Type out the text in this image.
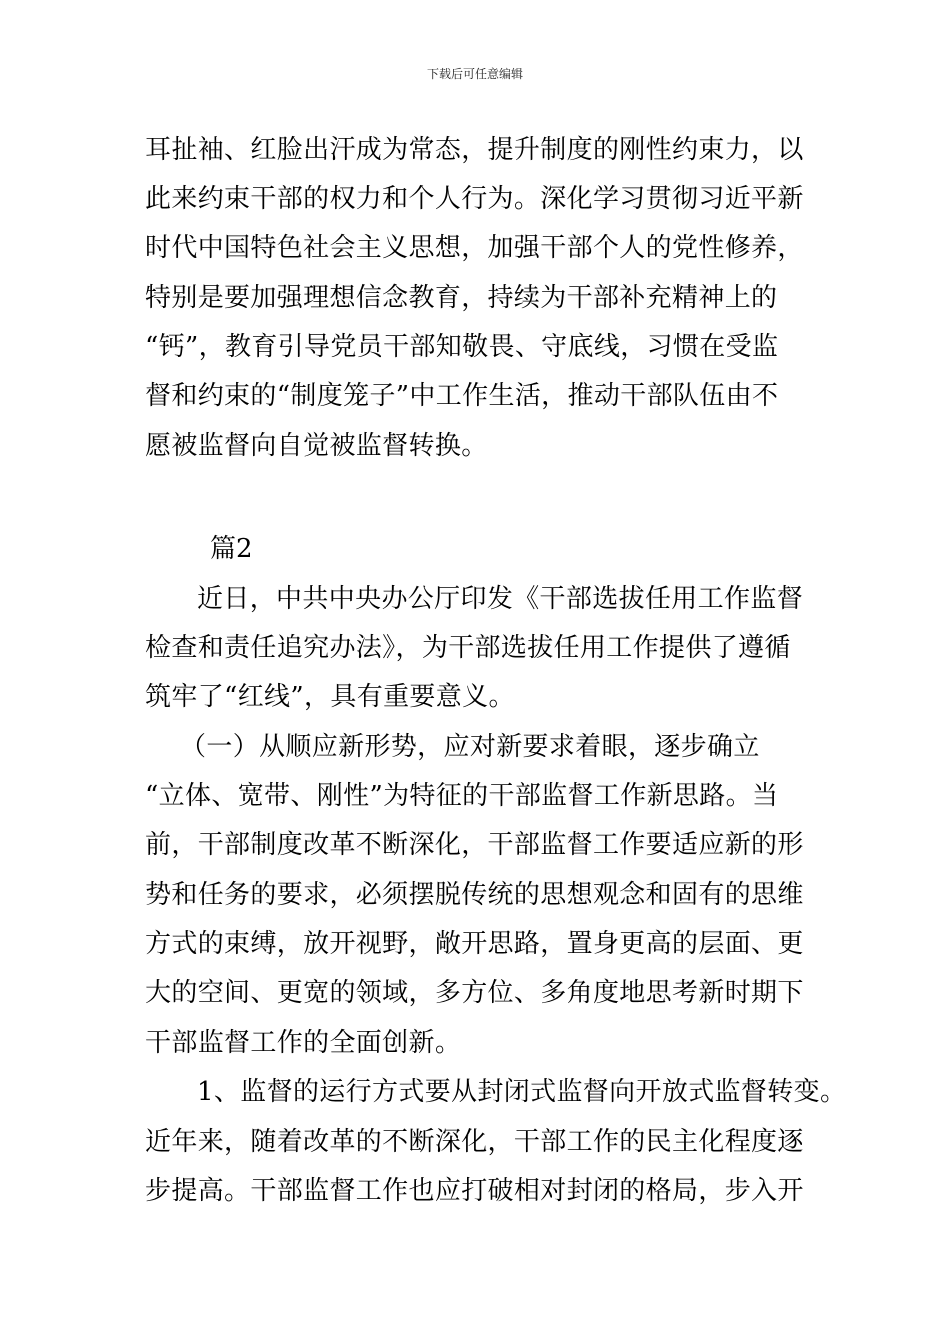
下载后可任意编辑
耳扯袖、红脸出汗成为常态，提升制度的刚性约束力，以
此来约束干部的权力和个人行为。深化学习贯彻习近平新
时代中国特色社会主义思想，加强干部个人的党性修养，
特别是要加强理想信念教育，持续为干部补充精神上的
“钙”，教育引导党员干部知敬畏、守底线，习惯在受监
督和约束的“制度笼子”中工作生活，推动干部队伍由不
愿被监督向自觉被监督转换。
篇2
近日，中共中央办公厅印发《干部选拔任用工作监督
检查和责任追究办法》，为干部选拔任用工作提供了遵循
筑牢了“红线”，具有重要意义。
（一）从顺应新形势，应对新要求着眼，逐步确立
“立体、宽带、刚性”为特征的干部监督工作新思路。当
前，干部制度改革不断深化，干部监督工作要适应新的形
势和任务的要求，必须摆脱传统的思想观念和固有的思维
方式的束缚，放开视野，敞开思路，置身更高的层面、更
大的空间、更宽的领域，多方位、多角度地思考新时期下
干部监督工作的全面创新。
1、监督的运行方式要从封闭式监督向开放式监督转变。
近年来，随着改革的不断深化，干部工作的民主化程度逐
步提高。干部监督工作也应打破相对封闭的格局，步入开
